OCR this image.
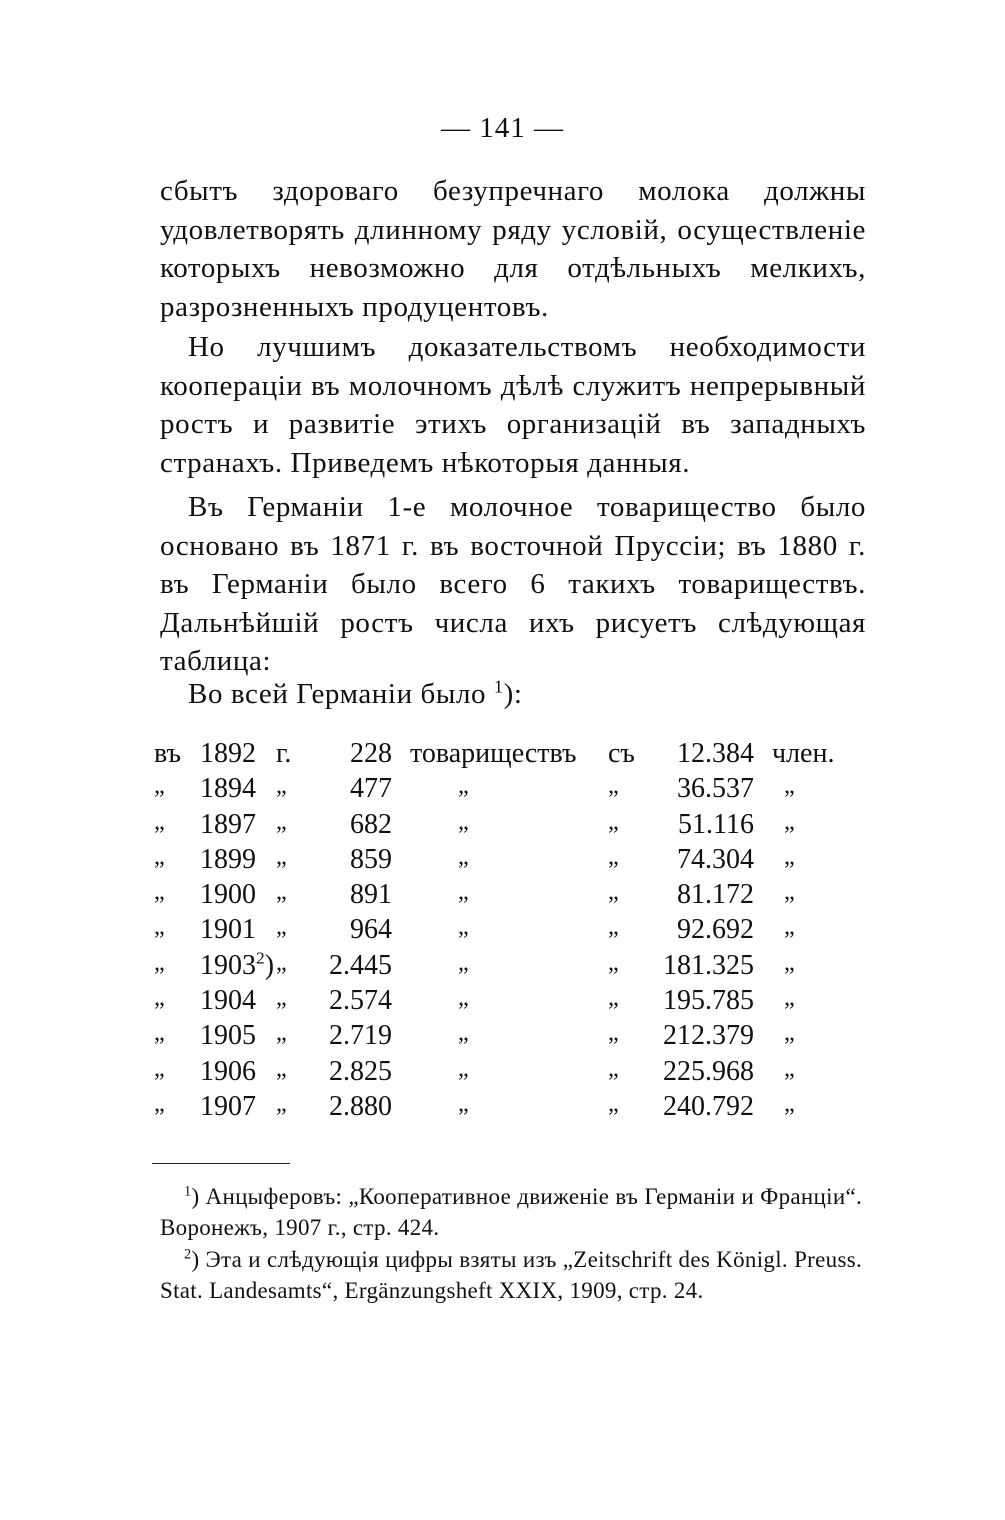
— 141 —

сбытъ здороваго безупречнаго молока должны удовлетворять длинному ряду условій, осуществленіе которыхъ невозможно для отдѣльныхъ мелкихъ, разрозненныхъ продуцентовъ.

Но лучшимъ доказательствомъ необходимости кооперацiи въ молочномъ дѣлѣ служитъ непрерывный ростъ и развитіе этихъ организацій въ западныхъ странахъ. Приведемъ нѣкоторыя данныя.

Въ Германіи 1-е молочное товарищество было основано въ 1871 г. въ восточной Пруссіи; въ 1880 г. въ Германіи было всего 6 такихъ товариществъ. Дальнѣйшій ростъ числа ихъ рисуетъ слѣдующая таблица:

Во всей Германіи было $^1$):

въ 1892 г.	228 товариществъ съ	12.384 член.
„ 1894 „	477 „	„	36.537 „
„ 1897 „	682 „	„	51.116 „
„ 1899 „	859 „	„	74.304 „
„ 1900 „	891 „	„	81.172 „
„ 1901 „	964 „	„	92.692 „
„ 1903$^2$) „	2.445 „	„	181.325 „
„ 1904 „	2.574 „	„	195.785 „
„ 1905 „	2.719 „	„	212.379 „
„ 1906 „	2.825 „	„	225.968 „
„ 1907 „	2.880 „	„	240.792 „

$^1$) Анцыферовъ: „Кооперативное движеніе въ Германіи и Франціи“. Воронежъ, 1907 г., стр. 424.

$^2$) Эта и слѣдующія цифры взяты изъ „Zeitschrift des Königl. Preuss. Stat. Landesamts“, Ergänzungsheft XXIX, 1909, стр. 24.
